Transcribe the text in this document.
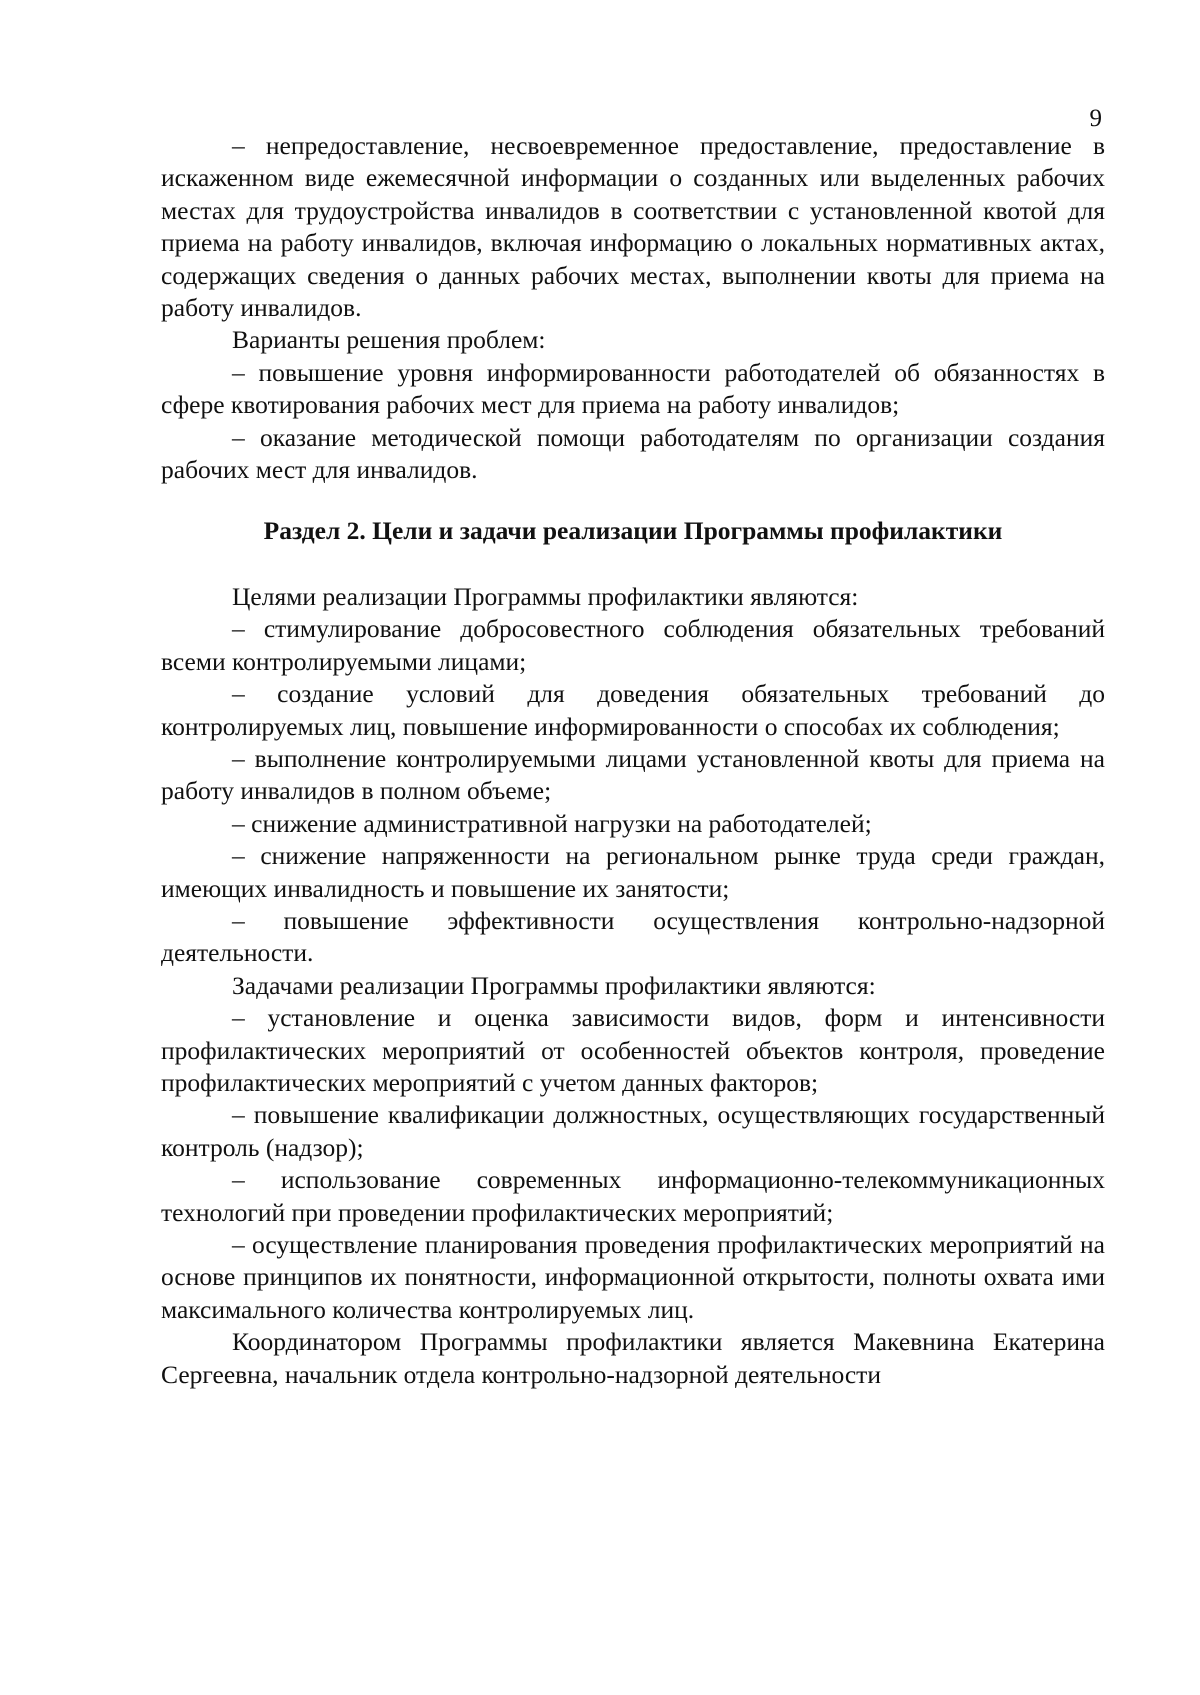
9

– непредоставление, несвоевременное предоставление, предоставление в искаженном виде ежемесячной информации о созданных или выделенных рабочих местах для трудоустройства инвалидов в соответствии с установленной квотой для приема на работу инвалидов, включая информацию о локальных нормативных актах, содержащих сведения о данных рабочих местах, выполнении квоты для приема на работу инвалидов.

Варианты решения проблем:

– повышение уровня информированности работодателей об обязанностях в сфере квотирования рабочих мест для приема на работу инвалидов;

– оказание методической помощи работодателям по организации создания рабочих мест для инвалидов.

Раздел 2. Цели и задачи реализации Программы профилактики

Целями реализации Программы профилактики являются:

– стимулирование добросовестного соблюдения обязательных требований всеми контролируемыми лицами;

– создание условий для доведения обязательных требований до контролируемых лиц, повышение информированности о способах их соблюдения;

– выполнение контролируемыми лицами установленной квоты для приема на работу инвалидов в полном объеме;

– снижение административной нагрузки на работодателей;

– снижение напряженности на региональном рынке труда среди граждан, имеющих инвалидность и повышение их занятости;

– повышение эффективности осуществления контрольно-надзорной деятельности.

Задачами реализации Программы профилактики являются:

– установление и оценка зависимости видов, форм и интенсивности профилактических мероприятий от особенностей объектов контроля, проведение профилактических мероприятий с учетом данных факторов;

– повышение квалификации должностных, осуществляющих государственный контроль (надзор);

– использование современных информационно-телекоммуникационных технологий при проведении профилактических мероприятий;

– осуществление планирования проведения профилактических мероприятий на основе принципов их понятности, информационной открытости, полноты охвата ими максимального количества контролируемых лиц.

Координатором Программы профилактики является Макевнина Екатерина Сергеевна, начальник отдела контрольно-надзорной деятельности
